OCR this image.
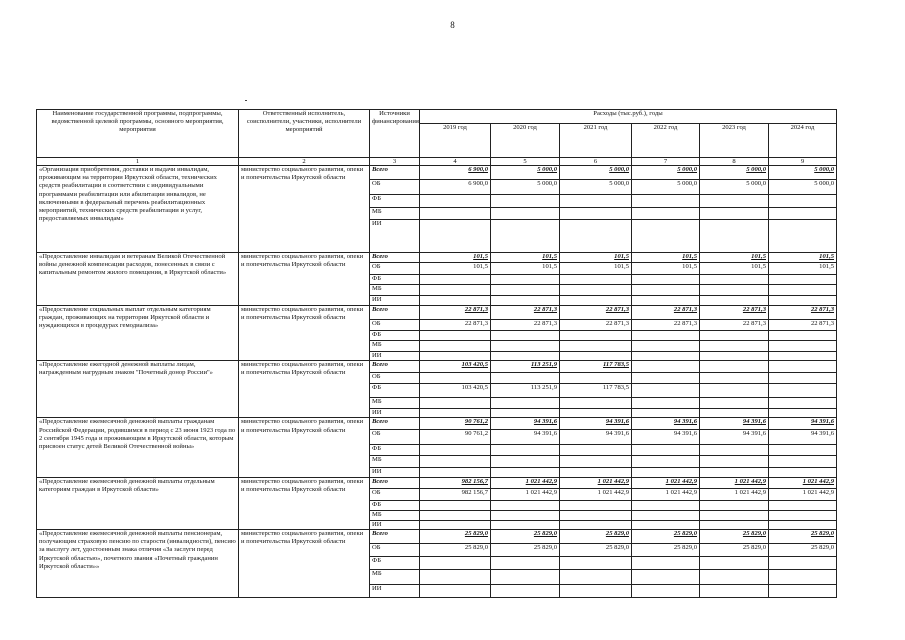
8
Наименование государственной программы, подпрограммы, ведомственной целевой программы, основного мероприятия, мероприятия	Ответственный исполнитель, соисполнители, участники, исполнители мероприятий	Источники финансирования	Расходы (тыс.руб.), годы					
			2019 год	2020 год	2021 год	2022 год	2023 год	2024 год
1	2	3	4	5	6	7	8	9
«Организация приобретения, доставки и выдачи инвалидам, проживающим на территории Иркутской области, технических средств реабилитации в соответствии с индивидуальными программами реабилитации или абилитации инвалидов, не включенными в федеральный перечень реабилитационных мероприятий, технических средств реабилитации и услуг, предоставляемых инвалидам»	министерство социального развития, опеки и попечительства Иркутской области	Всего	6 900,0	5 000,0	5 000,0	5 000,0	5 000,0	5 000,0
		ОБ	6 900,0	5 000,0	5 000,0	5 000,0	5 000,0	5 000,0
		ФБ						
		МБ						
		ИИ						
«Предоставление инвалидам и ветеранам Великой Отечественной войны денежной компенсации расходов, понесенных в связи с капитальным ремонтом жилого помещения, в Иркутской области»	министерство социального развития, опеки и попечительства Иркутской области	Всего	101,5	101,5	101,5	101,5	101,5	101,5
		ОБ	101,5	101,5	101,5	101,5	101,5	101,5
		ФБ						
		МБ						
		ИИ						
«Предоставление социальных выплат отдельным категориям граждан, проживающих на территории Иркутской области и нуждающихся в процедурах гемодиализа»	министерство социального развития, опеки и попечительства Иркутской области	Всего	22 871,3	22 871,3	22 871,3	22 871,3	22 871,3	22 871,3
		ОБ	22 871,3	22 871,3	22 871,3	22 871,3	22 871,3	22 871,3
		ФБ						
		МБ						
		ИИ						
«Предоставление ежегодной денежной выплаты лицам, награжденным нагрудным знаком "Почетный донор России"»	министерство социального развития, опеки и попечительства Иркутской области	Всего	103 420,5	113 251,9	117 783,5			
		ОБ						
		ФБ	103 420,5	113 251,9	117 783,5			
		МБ						
		ИИ						
«Предоставление ежемесячной денежной выплаты гражданам Российской Федерации, родившимся в период с 23 июня 1923 года по 2 сентября 1945 года и проживающим в Иркутской области, которым присвоен статус детей Великой Отечественной войны»	министерство социального развития, опеки и попечительства Иркутской области	Всего	90 761,2	94 391,6	94 391,6	94 391,6	94 391,6	94 391,6
		ОБ	90 761,2	94 391,6	94 391,6	94 391,6	94 391,6	94 391,6
		ФБ						
		МБ						
		ИИ						
«Предоставление ежемесячной денежной выплаты отдельным категориям граждан в Иркутской области»	министерство социального развития, опеки и попечительства Иркутской области	Всего	982 156,7	1 021 442,9	1 021 442,9	1 021 442,9	1 021 442,9	1 021 442,9
		ОБ	982 156,7	1 021 442,9	1 021 442,9	1 021 442,9	1 021 442,9	1 021 442,9
		ФБ						
		МБ						
		ИИ						
«Предоставление ежемесячной денежной выплаты пенсионерам, получающим страховую пенсию по старости (инвалидности), пенсию за выслугу лет, удостоенным знака отличия «За заслуги перед Иркутской областью», почетного звания «Почетный гражданин Иркутской области»»	министерство социального развития, опеки и попечительства Иркутской области	Всего	25 829,0	25 829,0	25 829,0	25 829,0	25 829,0	25 829,0
		ОБ	25 829,0	25 829,0	25 829,0	25 829,0	25 829,0	25 829,0
		ФБ						
		МБ						
		ИИ						
